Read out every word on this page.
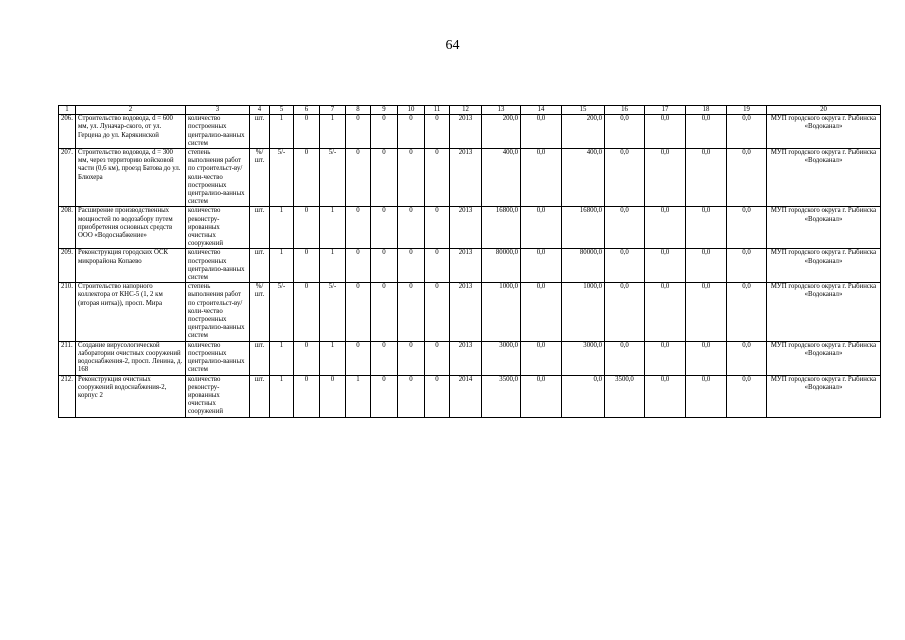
64
1	2	3	4	5	6	7	8	9	10	11	12	13	14	15	16	17	18	19	20
206.	Строительство водовода, d = 600 мм, ул. Луначар-ского, от ул. Герцена до ул. Карякинской	количество построенных централизо-ванных систем	шт.	1	0	1	0	0	0	0	2013	200,0	0,0	200,0	0,0	0,0	0,0	0,0	МУП городского округа г. Рыбинска «Водоканал»
207.	Строительство водовода, d = 300 мм, через территорию войсковой части (0,6 км), проезд Батова до ул. Блюхера	степень выполнения работ по строительст-ву/ коли-чество построенных централизо-ванных систем	%/ шт.	5/-	0	5/-	0	0	0	0	2013	400,0	0,0	400,0	0,0	0,0	0,0	0,0	МУП городского округа г. Рыбинска «Водоканал»
208.	Расширение производственных мощностей по водозабору путем приобретения основных средств ООО «Водоснабжение»	количество реконстру-ированных очистных сооружений	шт.	1	0	1	0	0	0	0	2013	16800,0	0,0	16800,0	0,0	0,0	0,0	0,0	МУП городского округа г. Рыбинска «Водоканал»
209.	Реконструкция городских ОСК микрорайона Копаево	количество построенных централизо-ванных систем	шт.	1	0	1	0	0	0	0	2013	80000,0	0,0	80000,0	0,0	0,0	0,0	0,0	МУП городского округа г. Рыбинска «Водоканал»
210.	Строительство напорного коллектора от КНС-5 (1, 2 км (вторая нитка)), просп. Мира	степень выполнения работ по строительст-ву/ коли-чество построенных централизо-ванных систем	%/ шт.	5/-	0	5/-	0	0	0	0	2013	1000,0	0,0	1000,0	0,0	0,0	0,0	0,0	МУП городского округа г. Рыбинска «Водоканал»
211.	Создание вирусологической лаборатории очистных сооружений водоснабжения-2, просп. Ленина, д. 168	количество построенных централизо-ванных систем	шт.	1	0	1	0	0	0	0	2013	3000,0	0,0	3000,0	0,0	0,0	0,0	0,0	МУП городского округа г. Рыбинска «Водоканал»
212.	Реконструкция очистных сооружений водоснабжения-2, корпус 2	количество реконстру-ированных очистных сооружений	шт.	1	0	0	1	0	0	0	2014	3500,0	0,0	0,0	3500,0	0,0	0,0	0,0	МУП городского округа г. Рыбинска «Водоканал»
